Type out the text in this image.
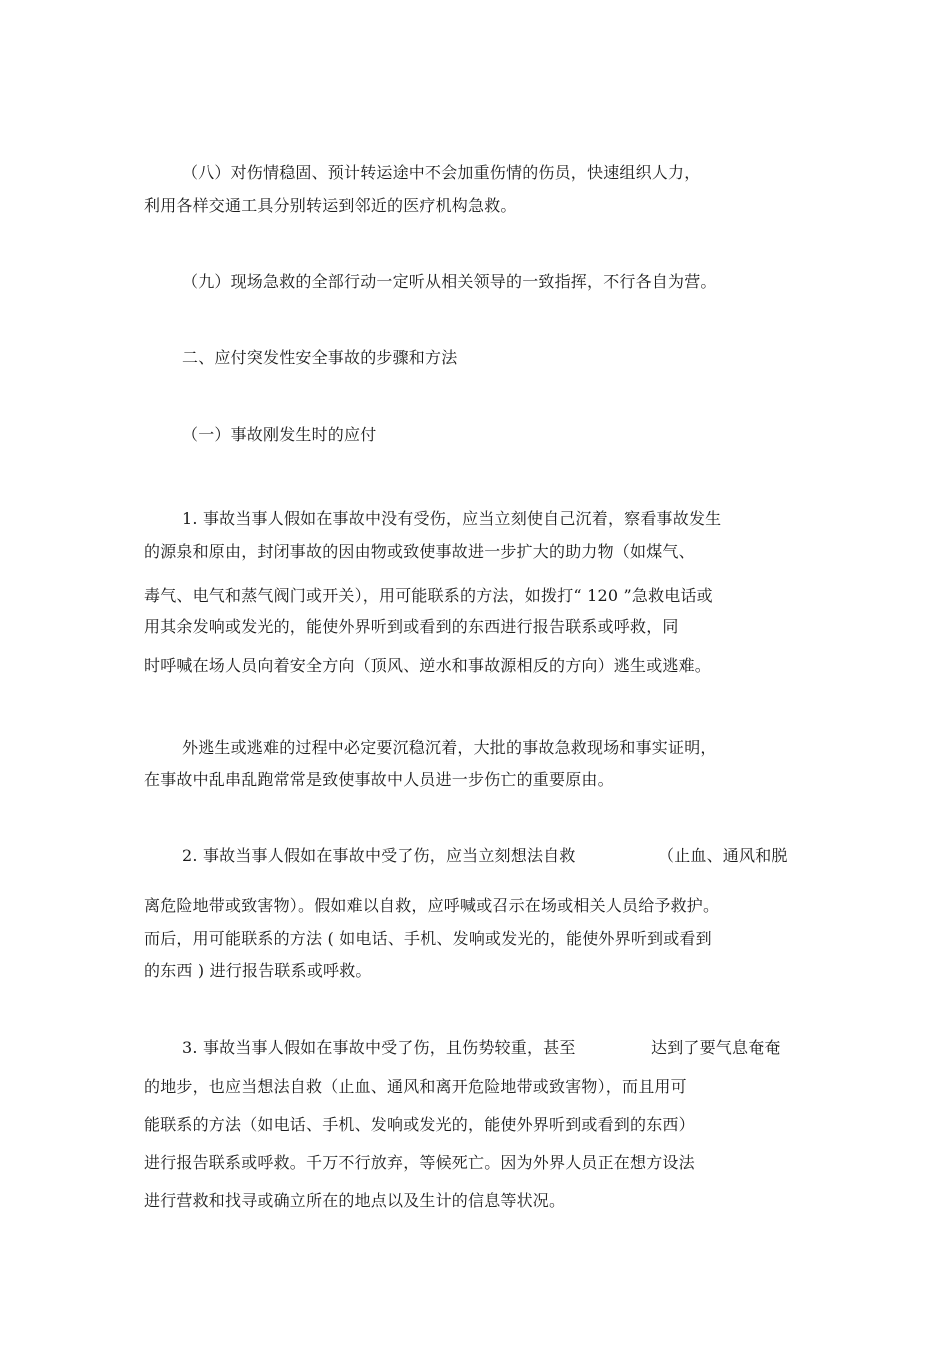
（八）对伤情稳固、预计转运途中不会加重伤情的伤员，快速组织人力，
利用各样交通工具分别转运到邻近的医疗机构急救。
（九）现场急救的全部行动一定听从相关领导的一致指挥，不行各自为营。
二、应付突发性安全事故的步骤和方法
（一）事故刚发生时的应付
1. 事故当事人假如在事故中没有受伤，应当立刻使自己沉着，察看事故发生
的源泉和原由，封闭事故的因由物或致使事故进一步扩大的助力物（如煤气、
毒气、电气和蒸气阀门或开关），用可能联系的方法，如拨打“ 120 ”急救电话或
用其余发响或发光的，能使外界听到或看到的东西进行报告联系或呼救，同
时呼喊在场人员向着安全方向（顶风、逆水和事故源相反的方向）逃生或逃难。
外逃生或逃难的过程中必定要沉稳沉着，大批的事故急救现场和事实证明，
在事故中乱串乱跑常常是致使事故中人员进一步伤亡的重要原由。
2. 事故当事人假如在事故中受了伤，应当立刻想法自救	（止血、通风和脱
离危险地带或致害物）。假如难以自救，应呼喊或召示在场或相关人员给予救护。
而后，用可能联系的方法 ( 如电话、手机、发响或发光的，能使外界听到或看到
的东西 ) 进行报告联系或呼救。
3. 事故当事人假如在事故中受了伤，且伤势较重，甚至	达到了要气息奄奄
的地步，也应当想法自救（止血、通风和离开危险地带或致害物），而且用可
能联系的方法（如电话、手机、发响或发光的，能使外界听到或看到的东西）
进行报告联系或呼救。千万不行放弃，等候死亡。因为外界人员正在想方设法
进行营救和找寻或确立所在的地点以及生计的信息等状况。
